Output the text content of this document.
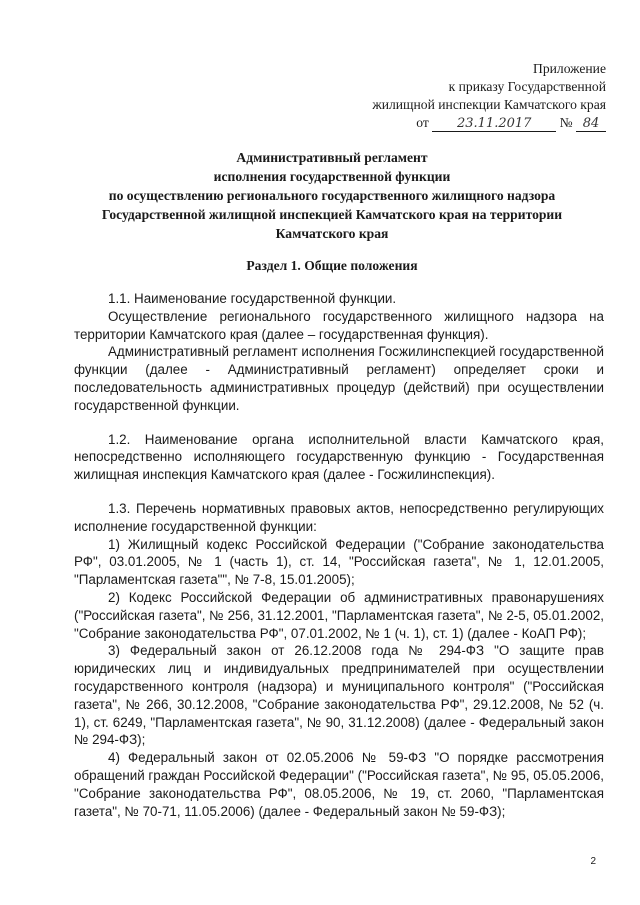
Приложение
к приказу Государственной
жилищной инспекции Камчатского края
от 23.11.2017 № 84
Административный регламент
исполнения государственной функции
по осуществлению регионального государственного жилищного надзора
Государственной жилищной инспекцией Камчатского края на территории
Камчатского края
Раздел 1. Общие положения

1.1. Наименование государственной функции.

Осуществление регионального государственного жилищного надзора на территории Камчатского края (далее – государственная функция).

Административный регламент исполнения Госжилинспекцией государственной функции (далее - Административный регламент) определяет сроки и последовательность административных процедур (действий) при осуществлении государственной функции.

1.2. Наименование органа исполнительной власти Камчатского края, непосредственно исполняющего государственную функцию - Государственная жилищная инспекция Камчатского края (далее - Госжилинспекция).

1.3. Перечень нормативных правовых актов, непосредственно регулирующих исполнение государственной функции:

1) Жилищный кодекс Российской Федерации ("Собрание законодательства РФ", 03.01.2005, № 1 (часть 1), ст. 14, "Российская газета", № 1, 12.01.2005, "Парламентская газета"", № 7-8, 15.01.2005);

2) Кодекс Российской Федерации об административных правонарушениях ("Российская газета", № 256, 31.12.2001, "Парламентская газета", № 2-5, 05.01.2002, "Собрание законодательства РФ", 07.01.2002, № 1 (ч. 1), ст. 1) (далее - КоАП РФ);

3) Федеральный закон от 26.12.2008 года № 294-ФЗ "О защите прав юридических лиц и индивидуальных предпринимателей при осуществлении государственного контроля (надзора) и муниципального контроля" ("Российская газета", № 266, 30.12.2008, "Собрание законодательства РФ", 29.12.2008, № 52 (ч. 1), ст. 6249, "Парламентская газета", № 90, 31.12.2008) (далее - Федеральный закон № 294-ФЗ);

4) Федеральный закон от 02.05.2006 № 59-ФЗ "О порядке рассмотрения обращений граждан Российской Федерации" ("Российская газета", № 95, 05.05.2006, "Собрание законодательства РФ", 08.05.2006, № 19, ст. 2060, "Парламентская газета", № 70-71, 11.05.2006) (далее - Федеральный закон № 59-ФЗ);

2
